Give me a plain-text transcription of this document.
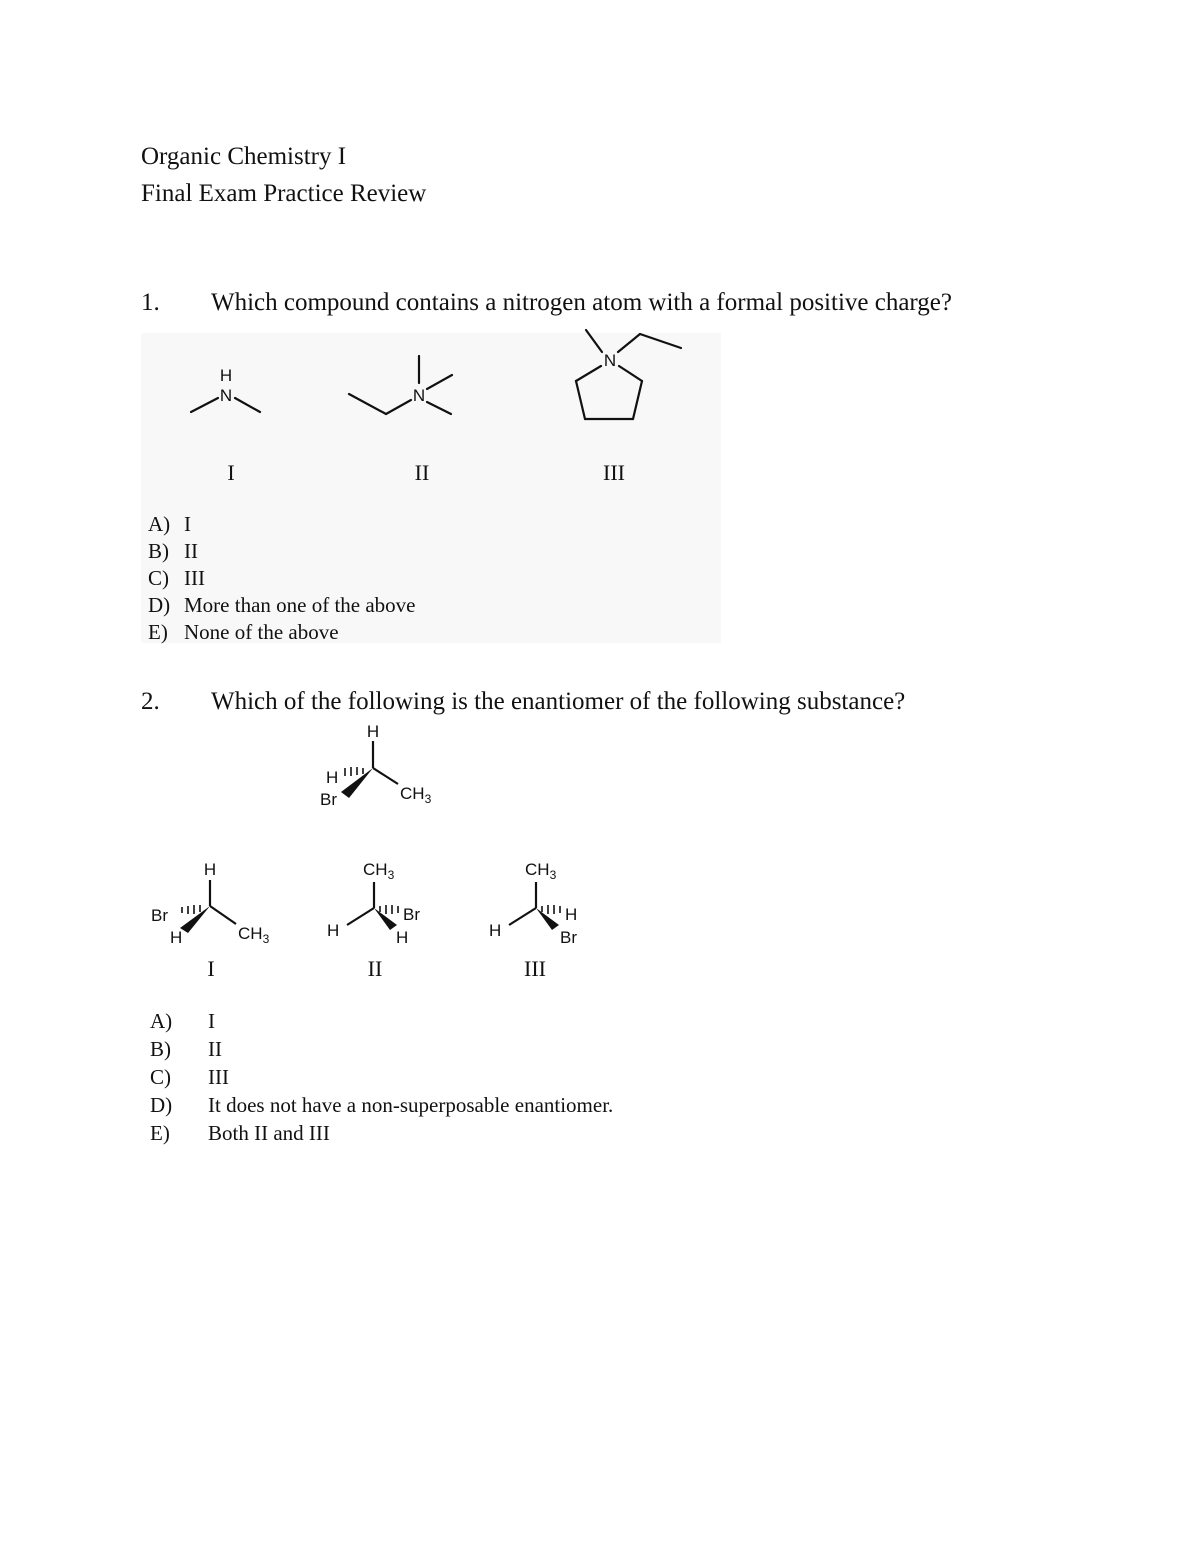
Organic Chemistry I
Final Exam Practice Review
1. Which compound contains a nitrogen atom with a formal positive charge?
H
N	N
N
I	II	III
A) I
B) II
C) III
D) More than one of the above
E) None of the above
2. Which of the following is the enantiomer of the following substance?
H
H
Br	$CH_3$
H
Br
H	$CH_3$
$CH_3$
Br
H
H
$CH_3$
H
Br
H
I	II	III
A) I
B) II
C) III
D) It does not have a non-superposable enantiomer.
E) Both II and III
